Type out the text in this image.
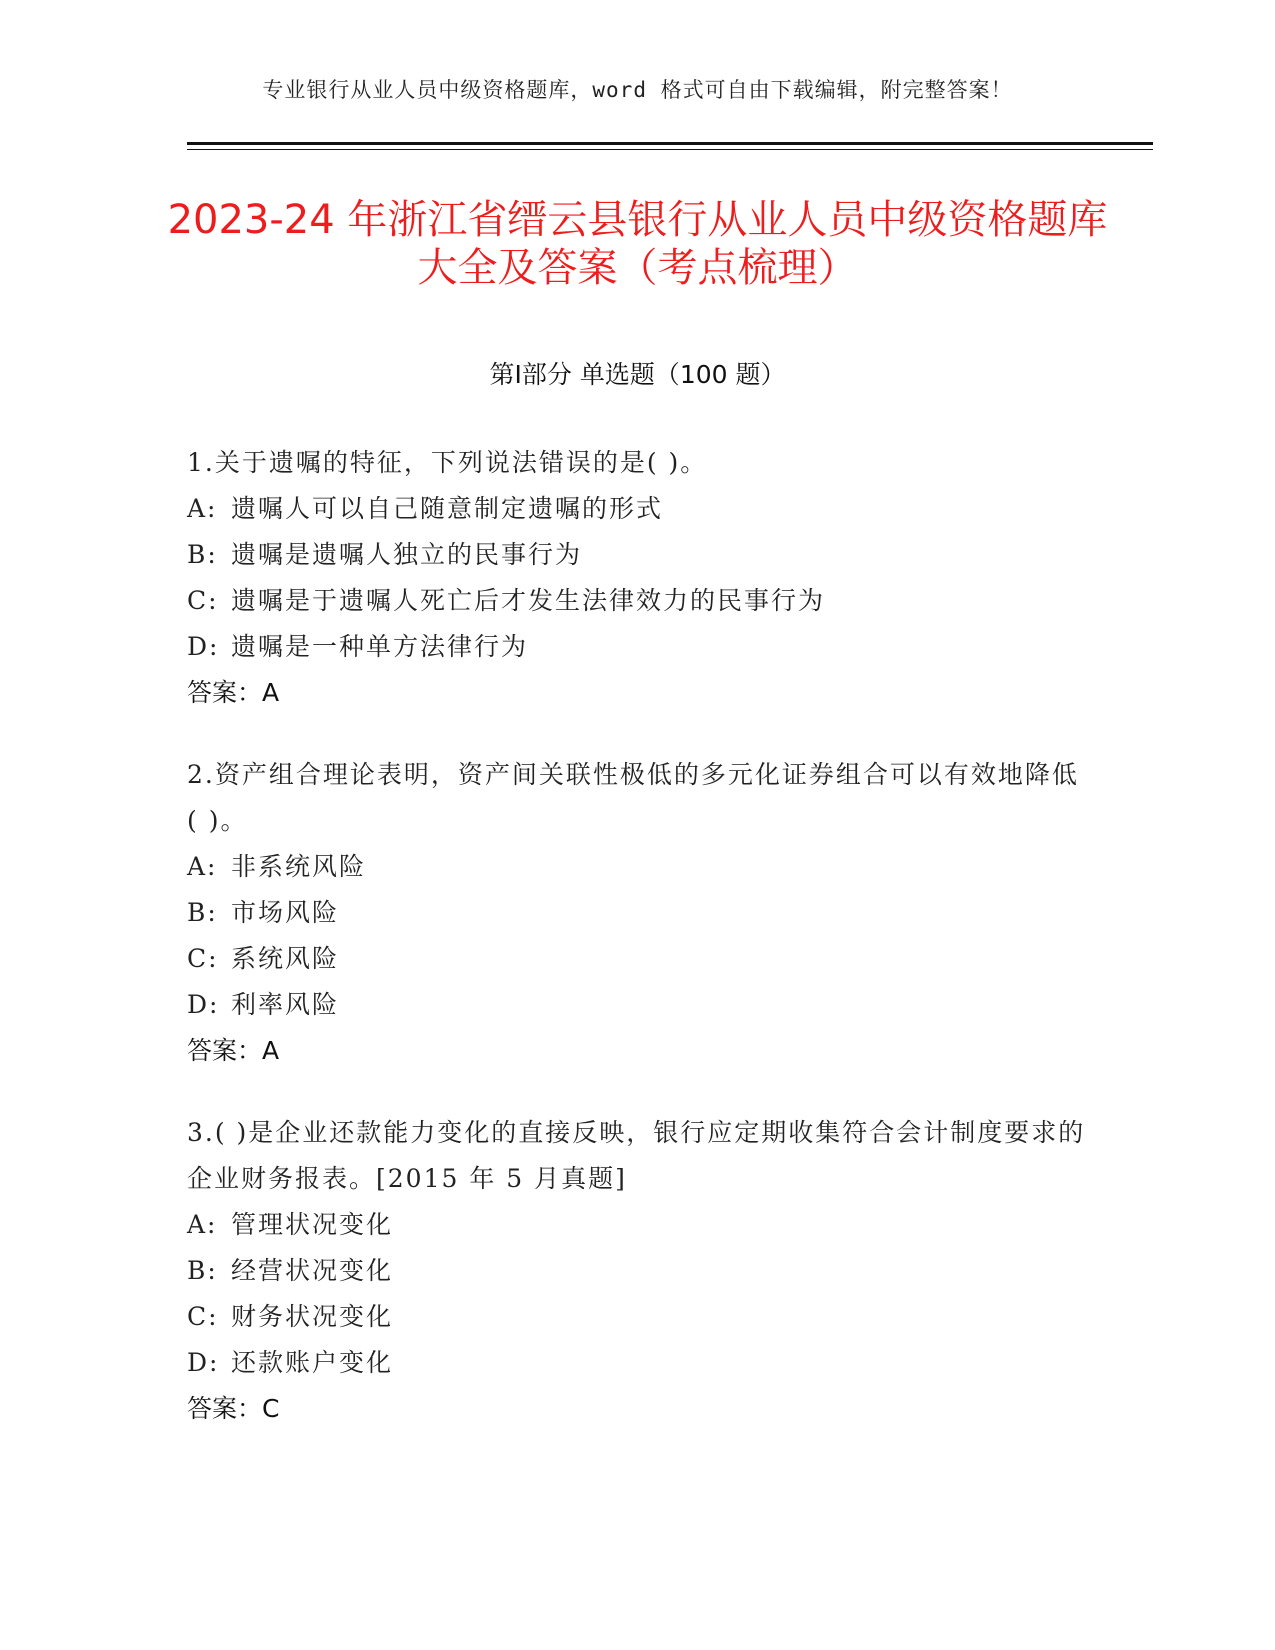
专业银行从业人员中级资格题库，word 格式可自由下载编辑，附完整答案！
2023-24 年浙江省缙云县银行从业人员中级资格题库大全及答案（考点梳理）
第Ⅰ部分 单选题（100 题）

1.关于遗嘱的特征，下列说法错误的是( )。

A: 遗嘱人可以自己随意制定遗嘱的形式

B: 遗嘱是遗嘱人独立的民事行为

C: 遗嘱是于遗嘱人死亡后才发生法律效力的民事行为

D: 遗嘱是一种单方法律行为

答案：A

2.资产组合理论表明，资产间关联性极低的多元化证券组合可以有效地降低( )。

A: 非系统风险

B: 市场风险

C: 系统风险

D: 利率风险

答案：A

3.( )是企业还款能力变化的直接反映，银行应定期收集符合会计制度要求的企业财务报表。[2015 年 5 月真题]

A: 管理状况变化

B: 经营状况变化

C: 财务状况变化

D: 还款账户变化

答案：C
